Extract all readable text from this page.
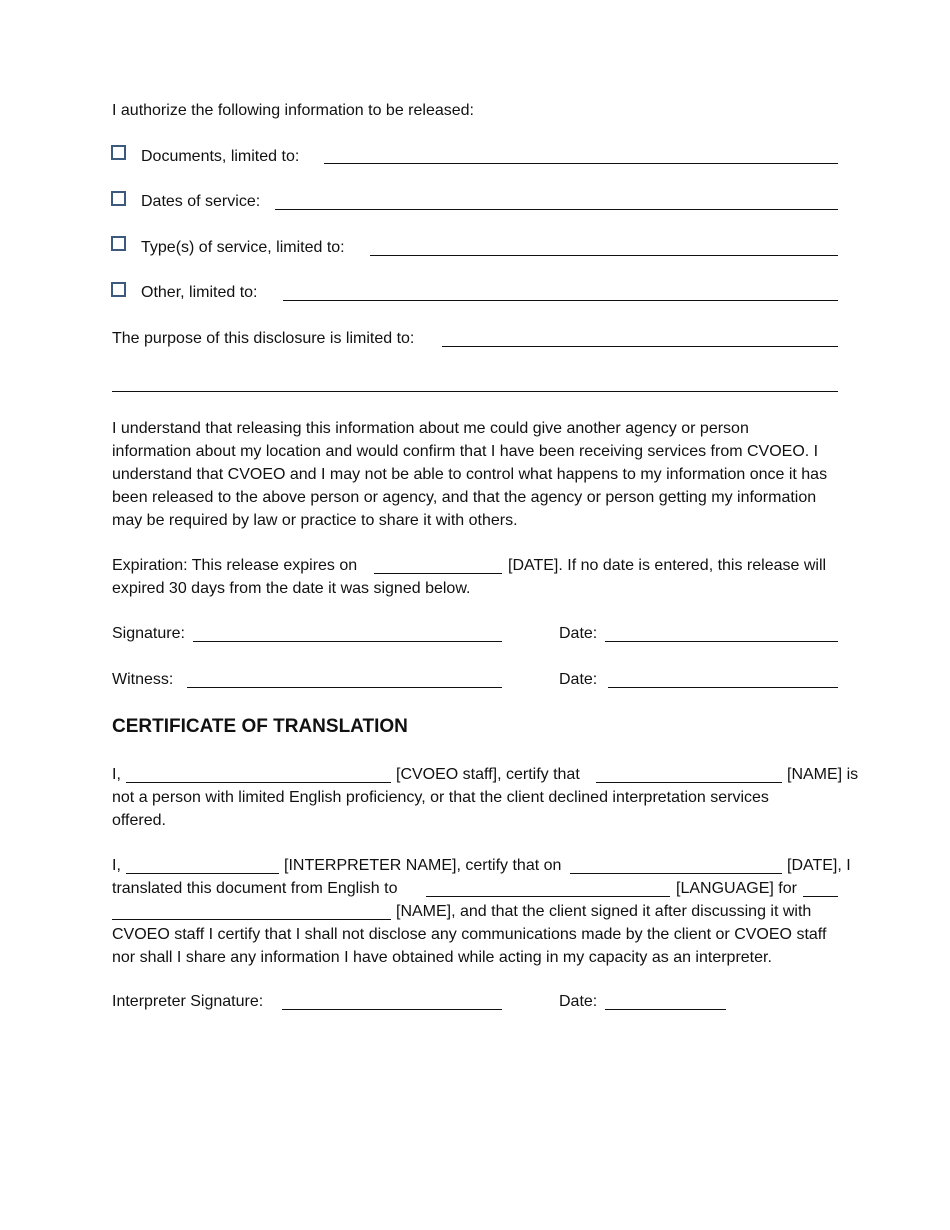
I authorize the following information to be released:
Documents, limited to:
Dates of service:
Type(s) of service, limited to:
Other, limited to:
The purpose of this disclosure is limited to:
I understand that releasing this information about me could give another agency or person
information about my location and would confirm that I have been receiving services from CVOEO. I
understand that CVOEO and I may not be able to control what happens to my information once it has
been released to the above person or agency, and that the agency or person getting my information
may be required by law or practice to share it with others.
Expiration: This release expires on	[DATE]. If no date is entered, this release will
expired 30 days from the date it was signed below.
Signature:	Date:
Witness:	Date:
CERTIFICATE OF TRANSLATION
I,	[CVOEO staff], certify that	[NAME] is
not a person with limited English proficiency, or that the client declined interpretation services
offered.
I,	[INTERPRETER NAME], certify that on	[DATE], I
translated this document from English to	[LANGUAGE] for
[NAME], and that the client signed it after discussing it with
CVOEO staff I certify that I shall not disclose any communications made by the client or CVOEO staff
nor shall I share any information I have obtained while acting in my capacity as an interpreter.
Interpreter Signature:	Date:
